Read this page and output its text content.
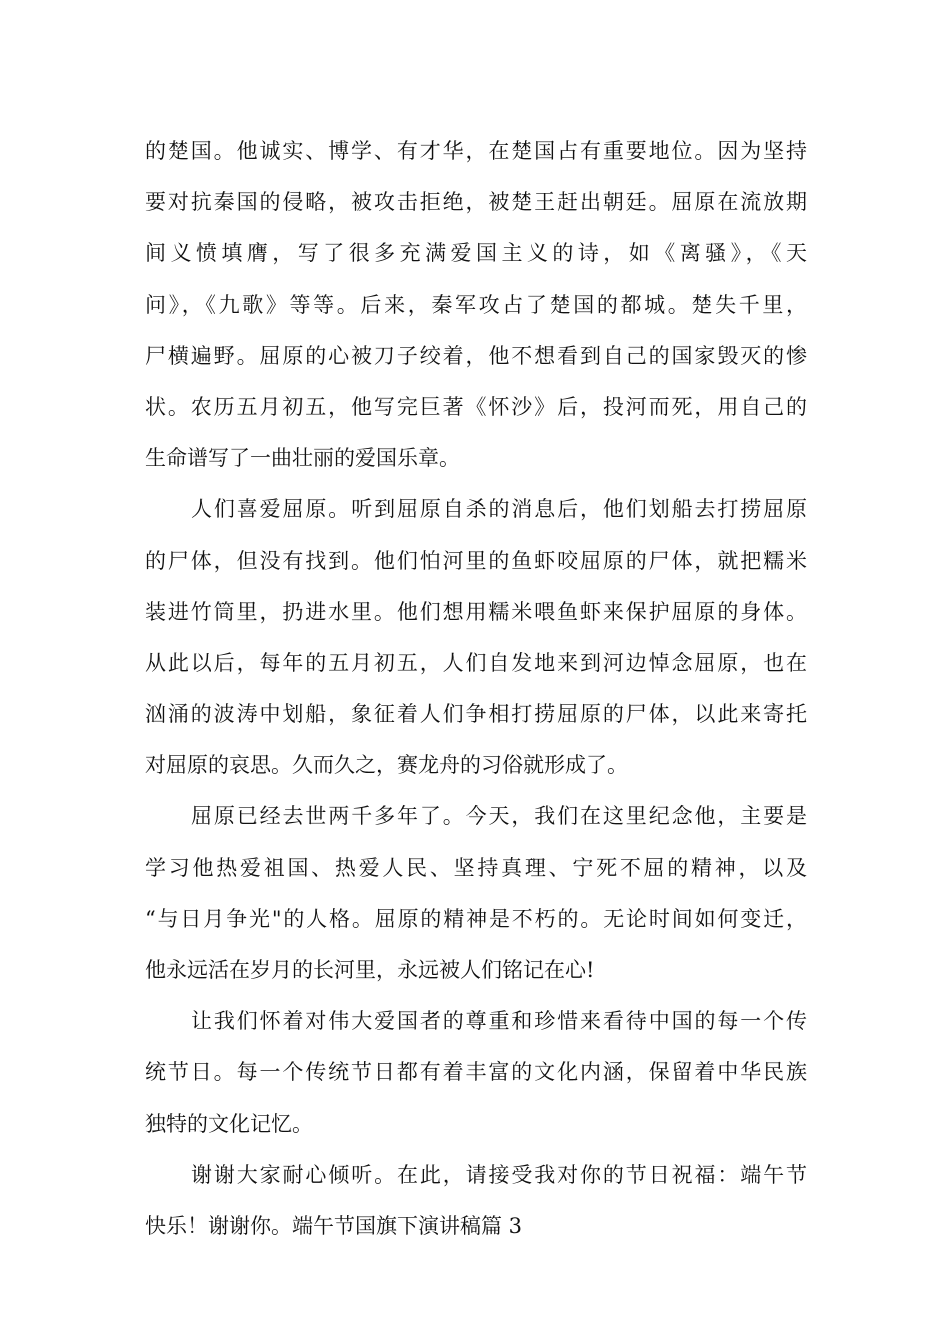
的楚国。他诚实、博学、有才华，在楚国占有重要地位。因为坚持
要对抗秦国的侵略，被攻击拒绝，被楚王赶出朝廷。屈原在流放期
间义愤填膺，写了很多充满爱国主义的诗，如《离骚》，《天
问》，《九歌》等等。后来，秦军攻占了楚国的都城。楚失千里，
尸横遍野。屈原的心被刀子绞着，他不想看到自己的国家毁灭的惨
状。农历五月初五，他写完巨著《怀沙》后，投河而死，用自己的
生命谱写了一曲壮丽的爱国乐章。
人们喜爱屈原。听到屈原自杀的消息后，他们划船去打捞屈原
的尸体，但没有找到。他们怕河里的鱼虾咬屈原的尸体，就把糯米
装进竹筒里，扔进水里。他们想用糯米喂鱼虾来保护屈原的身体。
从此以后，每年的五月初五，人们自发地来到河边悼念屈原，也在
汹涌的波涛中划船，象征着人们争相打捞屈原的尸体，以此来寄托
对屈原的哀思。久而久之，赛龙舟的习俗就形成了。
屈原已经去世两千多年了。今天，我们在这里纪念他，主要是
学习他热爱祖国、热爱人民、坚持真理、宁死不屈的精神，以及
“与日月争光"的人格。屈原的精神是不朽的。无论时间如何变迁，
他永远活在岁月的长河里，永远被人们铭记在心!
让我们怀着对伟大爱国者的尊重和珍惜来看待中国的每一个传
统节日。每一个传统节日都有着丰富的文化内涵，保留着中华民族
独特的文化记忆。
谢谢大家耐心倾听。在此，请接受我对你的节日祝福：端午节
快乐！谢谢你。端午节国旗下演讲稿篇 3
